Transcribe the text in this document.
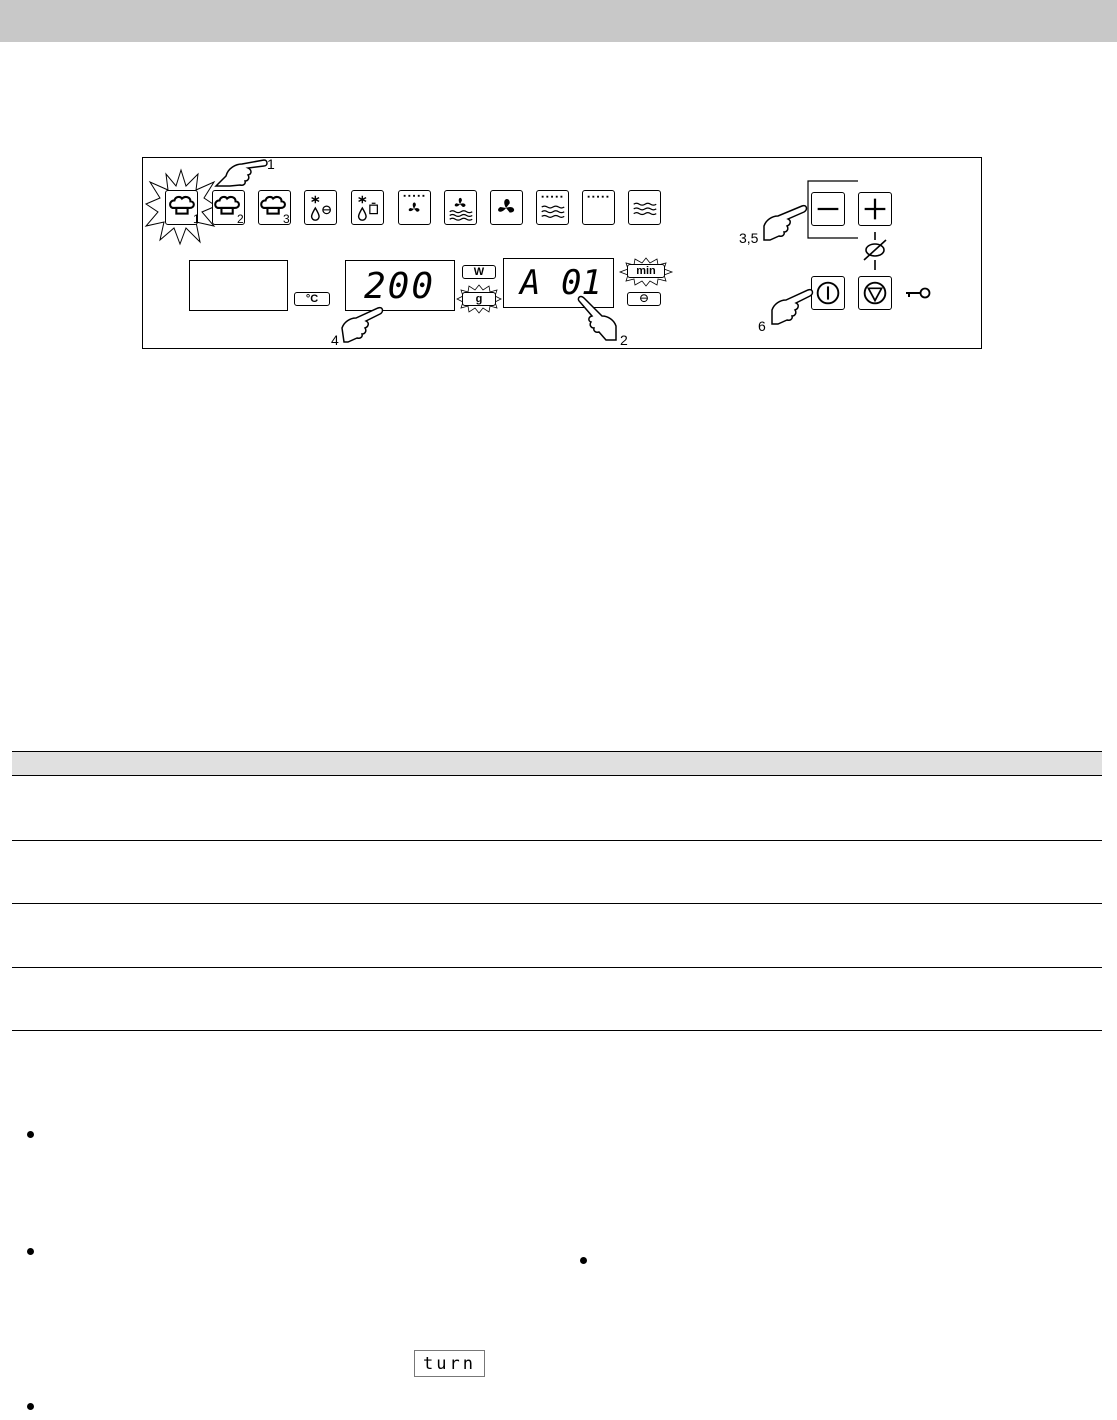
1	2	3
1
°C	200	W
g
4
A 01	min
2
3,5
6
turn
